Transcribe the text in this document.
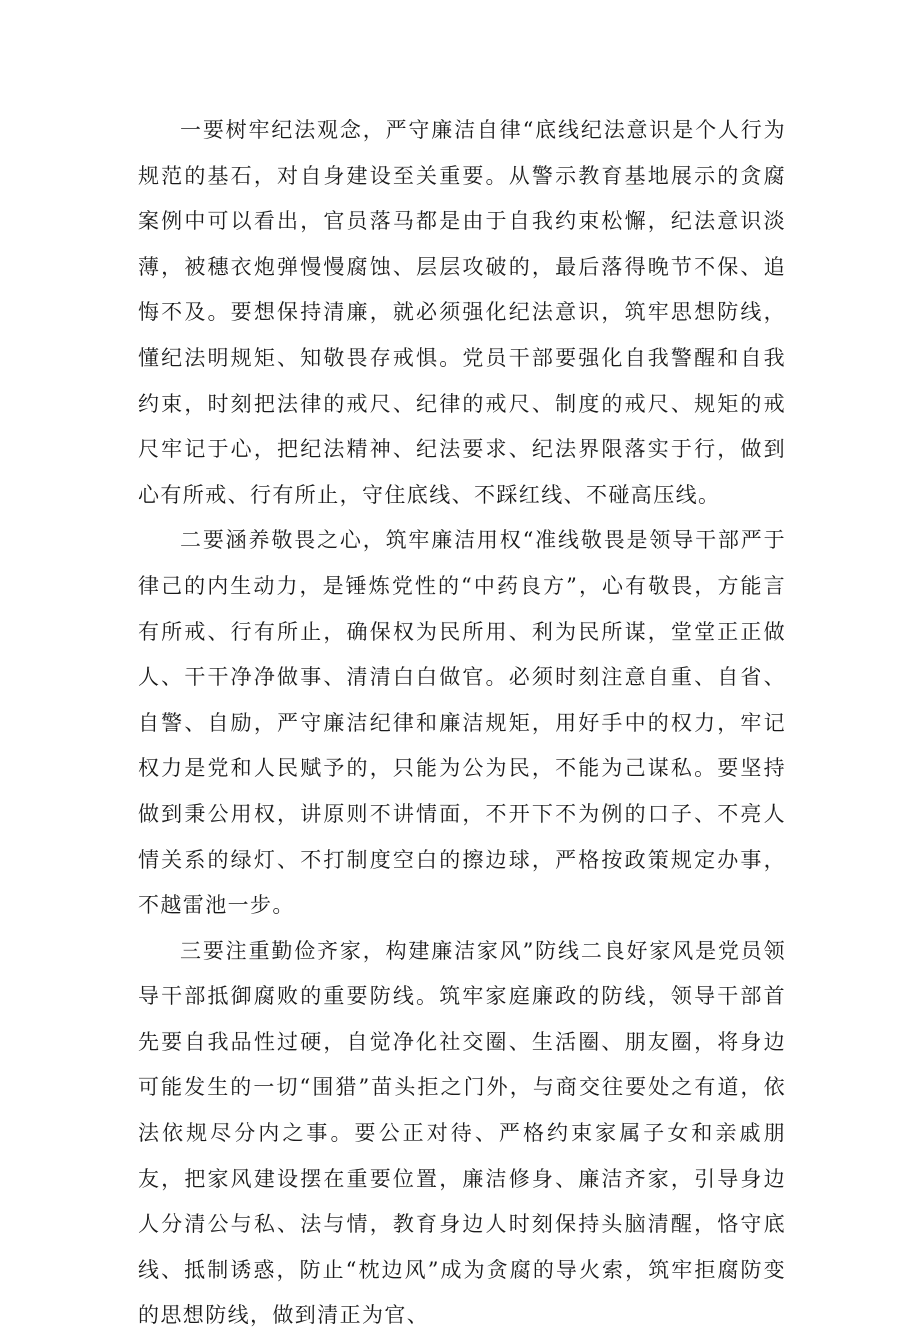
一要树牢纪法观念，严守廉洁自律“底线纪法意识是个人行为规范的基石，对自身建设至关重要。从警示教育基地展示的贪腐案例中可以看出，官员落马都是由于自我约束松懈，纪法意识淡薄，被穗衣炮弹慢慢腐蚀、层层攻破的，最后落得晚节不保、追悔不及。要想保持清廉，就必须强化纪法意识，筑牢思想防线，懂纪法明规矩、知敬畏存戒惧。党员干部要强化自我警醒和自我约束，时刻把法律的戒尺、纪律的戒尺、制度的戒尺、规矩的戒尺牢记于心，把纪法精神、纪法要求、纪法界限落实于行，做到心有所戒、行有所止，守住底线、不踩红线、不碰高压线。

二要涵养敬畏之心，筑牢廉洁用权“准线敬畏是领导干部严于律己的内生动力，是锤炼党性的“中药良方”，心有敬畏，方能言有所戒、行有所止，确保权为民所用、利为民所谋，堂堂正正做人、干干净净做事、清清白白做官。必须时刻注意自重、自省、自警、自励，严守廉洁纪律和廉洁规矩，用好手中的权力，牢记权力是党和人民赋予的，只能为公为民，不能为己谋私。要坚持做到秉公用权，讲原则不讲情面，不开下不为例的口子、不亮人情关系的绿灯、不打制度空白的擦边球，严格按政策规定办事，不越雷池一步。

三要注重勤俭齐家，构建廉洁家风”防线二良好家风是党员领导干部抵御腐败的重要防线。筑牢家庭廉政的防线，领导干部首先要自我品性过硬，自觉净化社交圈、生活圈、朋友圈，将身边可能发生的一切“围猎”苗头拒之门外，与商交往要处之有道，依法依规尽分内之事。要公正对待、严格约束家属子女和亲戚朋友，把家风建设摆在重要位置，廉洁修身、廉洁齐家，引导身边人分清公与私、法与情，教育身边人时刻保持头脑清醒，恪守底线、抵制诱惑，防止“枕边风”成为贪腐的导火索，筑牢拒腐防变的思想防线，做到清正为官、
